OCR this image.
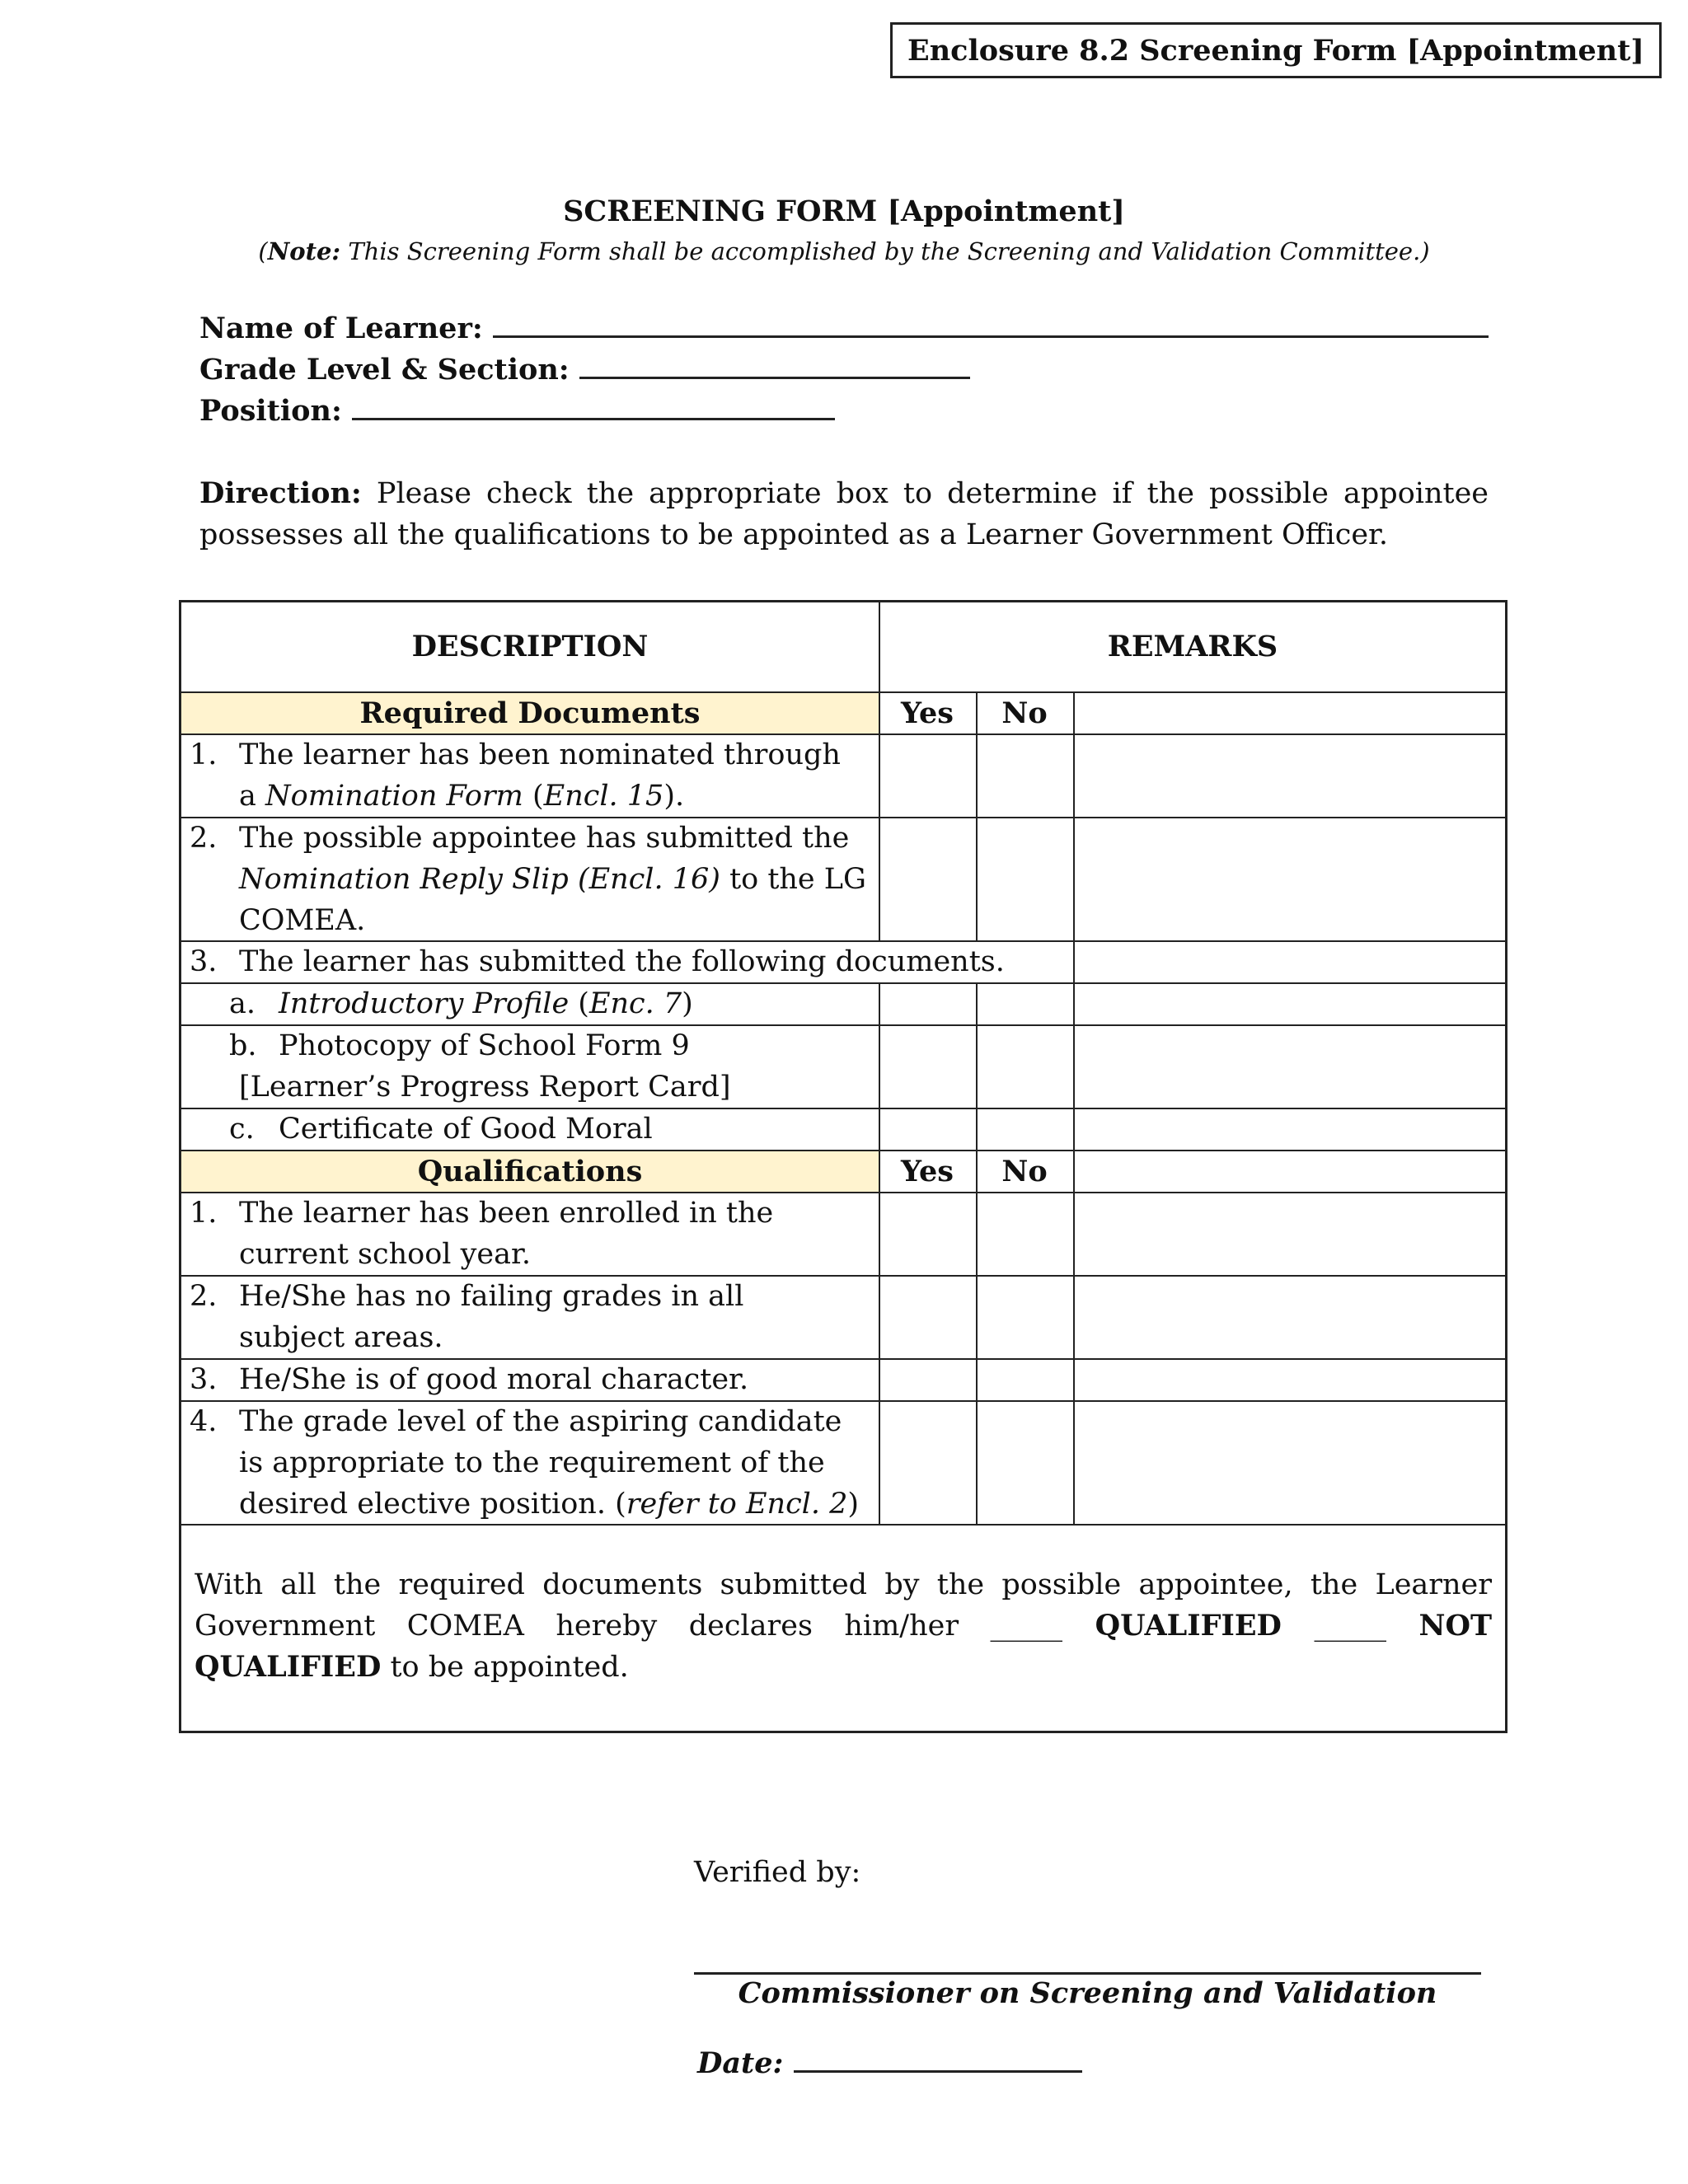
Enclosure 8.2 Screening Form [Appointment]
SCREENING FORM [Appointment]
(Note: This Screening Form shall be accomplished by the Screening and Validation Committee.)
Name of Learner:
Grade Level & Section:
Position:
Direction: Please check the appropriate box to determine if the possible appointee possesses all the qualifications to be appointed as a Learner Government Officer.
DESCRIPTION	REMARKS
Required Documents	Yes	No
1. The learner has been nominated through
a Nomination Form (Encl. 15).
2. The possible appointee has submitted the
Nomination Reply Slip (Encl. 16) to the LG
COMEA.
3. The learner has submitted the following documents.
a. Introductory Profile (Enc. 7)
b. Photocopy of School Form 9
[Learner’s Progress Report Card]
c. Certificate of Good Moral
Qualifications	Yes	No
1. The learner has been enrolled in the
current school year.
2. He/She has no failing grades in all
subject areas.
3. He/She is of good moral character.
4. The grade level of the aspiring candidate
is appropriate to the requirement of the
desired elective position. (refer to Encl. 2)
With all the required documents submitted by the possible appointee, the Learner Government COMEA hereby declares him/her _____ QUALIFIED _____ NOT QUALIFIED to be appointed.
Verified by:
Commissioner on Screening and Validation
Date:
